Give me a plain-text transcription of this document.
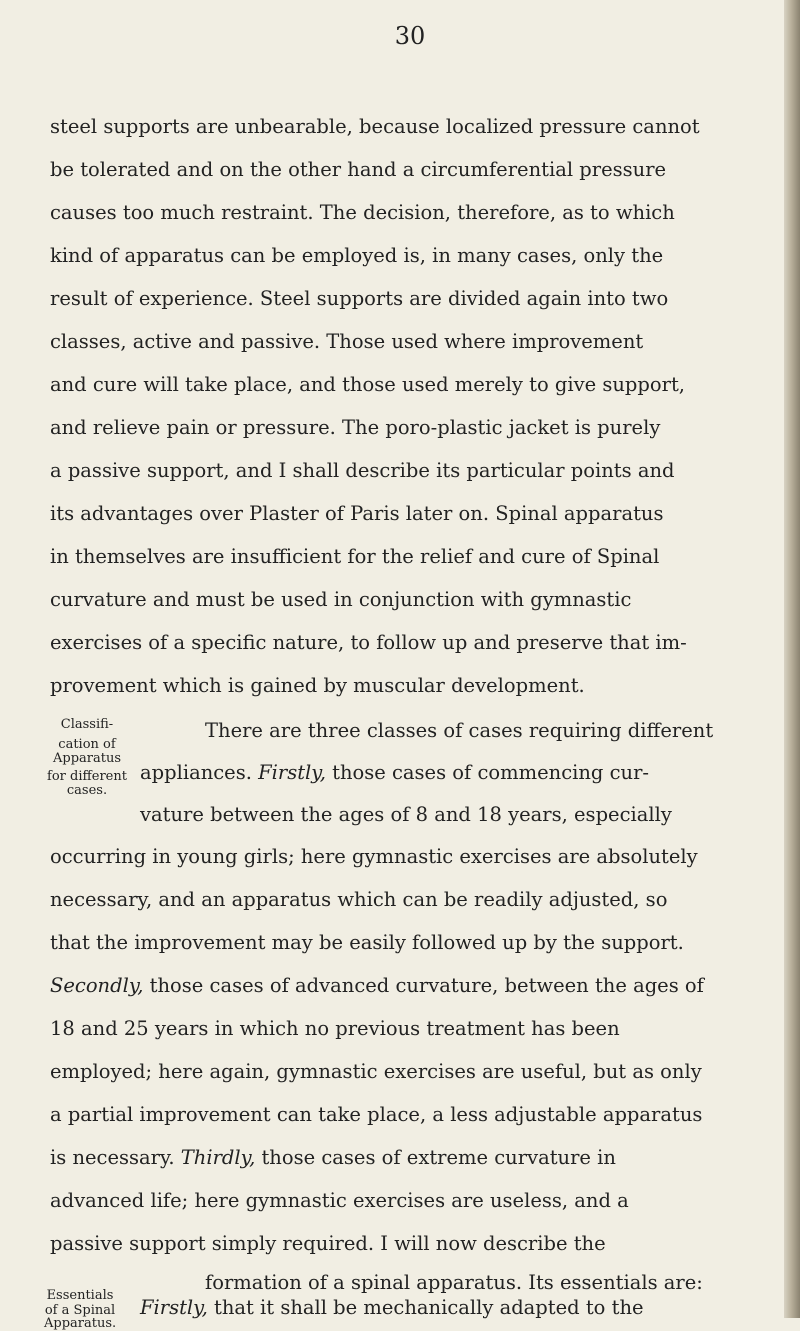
30
steel supports are unbearable, because localized pressure cannot
be tolerated and on the other hand a circumferential pressure
causes too much restraint. The decision, therefore, as to which
kind of apparatus can be employed is, in many cases, only the
result of experience. Steel supports are divided again into two
classes, active and passive. Those used where improvement
and cure will take place, and those used merely to give support,
and relieve pain or pressure. The poro-plastic jacket is purely
a passive support, and I shall describe its particular points and
its advantages over Plaster of Paris later on. Spinal apparatus
in themselves are insufficient for the relief and cure of Spinal
curvature and must be used in conjunction with gymnastic
exercises of a specific nature, to follow up and preserve that im-
provement which is gained by muscular development.
Classifi-
cation of
Apparatus
for different
cases.
There are three classes of cases requiring different
appliances. Firstly, those cases of commencing cur-
vature between the ages of 8 and 18 years, especially
occurring in young girls; here gymnastic exercises are absolutely
necessary, and an apparatus which can be readily adjusted, so
that the improvement may be easily followed up by the support.
Secondly, those cases of advanced curvature, between the ages of
18 and 25 years in which no previous treatment has been
employed; here again, gymnastic exercises are useful, but as only
a partial improvement can take place, a less adjustable apparatus
is necessary. Thirdly, those cases of extreme curvature in
advanced life; here gymnastic exercises are useless, and a
passive support simply required. I will now describe the
formation of a spinal apparatus. Its essentials are:
Essentials
of a Spinal
Apparatus.
Firstly, that it shall be mechanically adapted to the
